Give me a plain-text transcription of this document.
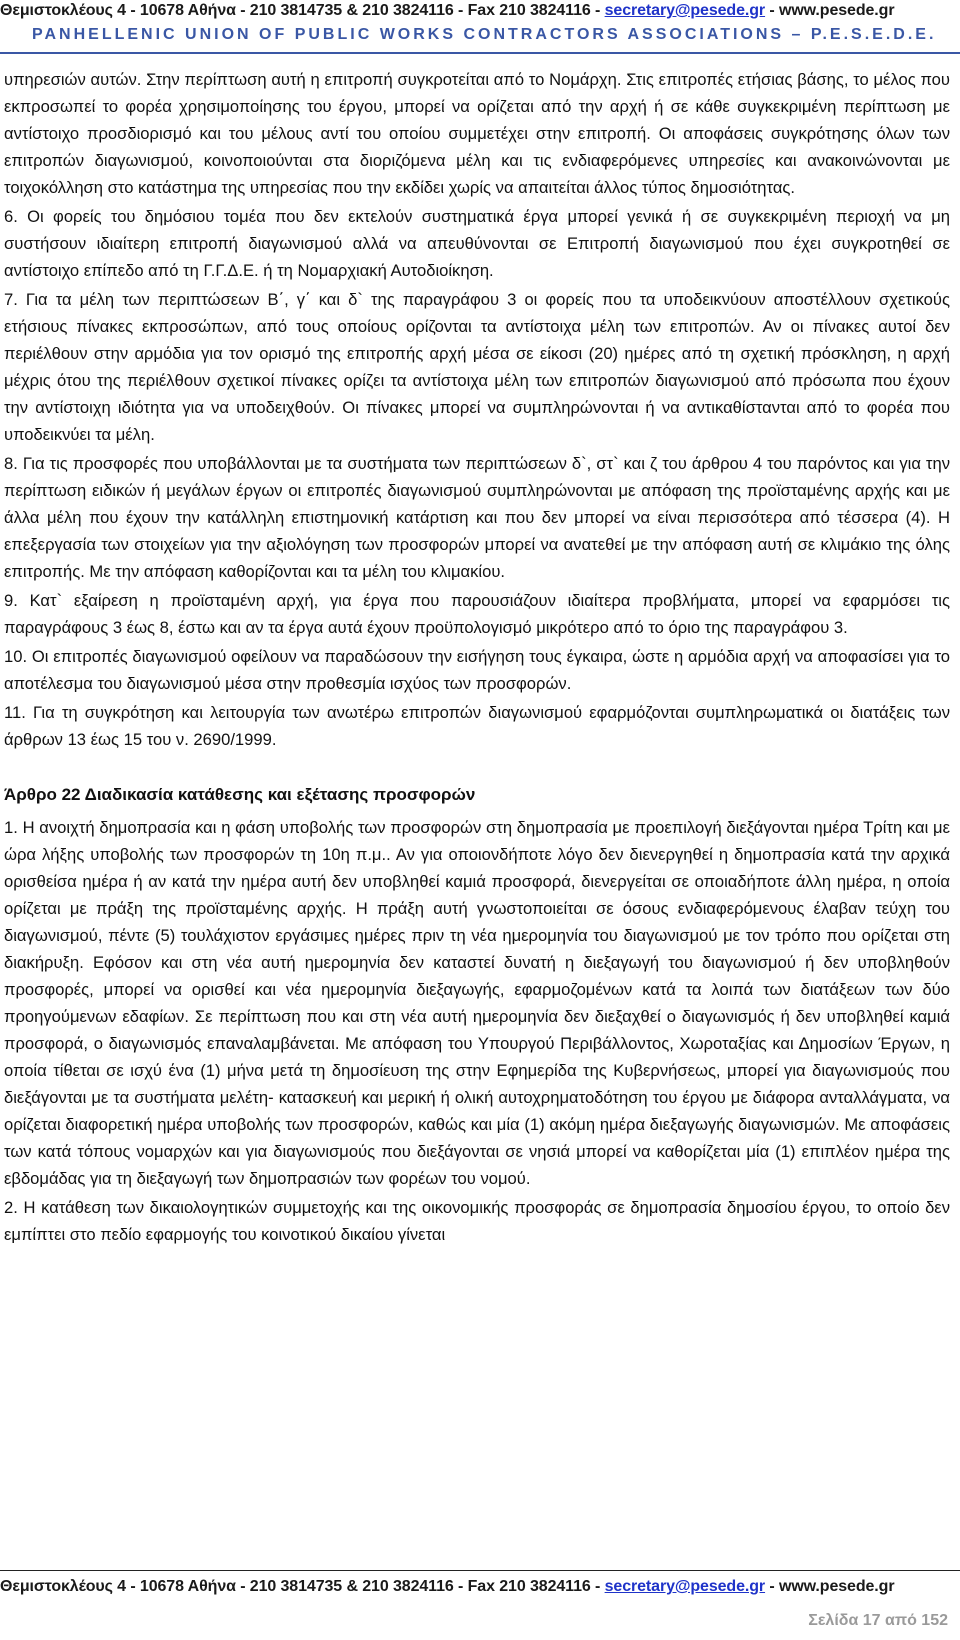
Θεμιστοκλέους 4 - 10678 Αθήνα - 210 3814735 & 210 3824116 - Fax 210 3824116 - secretary@pesede.gr - www.pesede.gr
PANHELLENIC UNION OF PUBLIC WORKS CONTRACTORS ASSOCIATIONS – P.E.S.E.D.E.

υπηρεσιών αυτών. Στην περίπτωση αυτή η επιτροπή συγκροτείται από το Νομάρχη. Στις επιτροπές ετήσιας βάσης, το μέλος που εκπροσωπεί το φορέα χρησιμοποίησης του έργου, μπορεί να ορίζεται από την αρχή ή σε κάθε συγκεκριμένη περίπτωση με αντίστοιχο προσδιορισμό και του μέλους αντί του οποίου συμμετέχει στην επιτροπή. Οι αποφάσεις συγκρότησης όλων των επιτροπών διαγωνισμού, κοινοποιούνται στα διοριζόμενα μέλη και τις ενδιαφερόμενες υπηρεσίες και ανακοινώνονται με τοιχοκόλληση στο κατάστημα της υπηρεσίας που την εκδίδει χωρίς να απαιτείται άλλος τύπος δημοσιότητας.

6. Οι φορείς του δημόσιου τομέα που δεν εκτελούν συστηματικά έργα μπορεί γενικά ή σε συγκεκριμένη περιοχή να μη συστήσουν ιδιαίτερη επιτροπή διαγωνισμού αλλά να απευθύνονται σε Επιτροπή διαγωνισμού που έχει συγκροτηθεί σε αντίστοιχο επίπεδο από τη Γ.Γ.Δ.Ε. ή τη Νομαρχιακή Αυτοδιοίκηση.

7. Για τα μέλη των περιπτώσεων Β΄, γ΄ και δ` της παραγράφου 3 οι φορείς που τα υποδεικνύουν αποστέλλουν σχετικούς ετήσιους πίνακες εκπροσώπων, από τους οποίους ορίζονται τα αντίστοιχα μέλη των επιτροπών. Αν οι πίνακες αυτοί δεν περιέλθουν στην αρμόδια για τον ορισμό της επιτροπής αρχή μέσα σε είκοσι (20) ημέρες από τη σχετική πρόσκληση, η αρχή μέχρις ότου της περιέλθουν σχετικοί πίνακες ορίζει τα αντίστοιχα μέλη των επιτροπών διαγωνισμού από πρόσωπα που έχουν την αντίστοιχη ιδιότητα για να υποδειχθούν. Οι πίνακες μπορεί να συμπληρώνονται ή να αντικαθίστανται από το φορέα που υποδεικνύει τα μέλη.

8. Για τις προσφορές που υποβάλλονται με τα συστήματα των περιπτώσεων δ`, στ` και ζ του άρθρου 4 του παρόντος και για την περίπτωση ειδικών ή μεγάλων έργων οι επιτροπές διαγωνισμού συμπληρώνονται με απόφαση της προϊσταμένης αρχής και με άλλα μέλη που έχουν την κατάλληλη επιστημονική κατάρτιση και που δεν μπορεί να είναι περισσότερα από τέσσερα (4). Η επεξεργασία των στοιχείων για την αξιολόγηση των προσφορών μπορεί να ανατεθεί με την απόφαση αυτή σε κλιμάκιο της όλης επιτροπής. Με την απόφαση καθορίζονται και τα μέλη του κλιμακίου.

9. Κατ` εξαίρεση η προϊσταμένη αρχή, για έργα που παρουσιάζουν ιδιαίτερα προβλήματα, μπορεί να εφαρμόσει τις παραγράφους 3 έως 8, έστω και αν τα έργα αυτά έχουν προϋπολογισμό μικρότερο από το όριο της παραγράφου 3.

10. Οι επιτροπές διαγωνισμού οφείλουν να παραδώσουν την εισήγηση τους έγκαιρα, ώστε η αρμόδια αρχή να αποφασίσει για το αποτέλεσμα του διαγωνισμού μέσα στην προθεσμία ισχύος των προσφορών.

11. Για τη συγκρότηση και λειτουργία των ανωτέρω επιτροπών διαγωνισμού εφαρμόζονται συμπληρωματικά οι διατάξεις των άρθρων 13 έως 15 του ν. 2690/1999.

Άρθρο 22 Διαδικασία κατάθεσης και εξέτασης προσφορών

1. Η ανοιχτή δημοπρασία και η φάση υποβολής των προσφορών στη δημοπρασία με προεπιλογή διεξάγονται ημέρα Τρίτη και με ώρα λήξης υποβολής των προσφορών τη 10η π.μ.. Αν για οποιονδήποτε λόγο δεν διενεργηθεί η δημοπρασία κατά την αρχικά ορισθείσα ημέρα ή αν κατά την ημέρα αυτή δεν υποβληθεί καμιά προσφορά, διενεργείται σε οποιαδήποτε άλλη ημέρα, η οποία ορίζεται με πράξη της προϊσταμένης αρχής. Η πράξη αυτή γνωστοποιείται σε όσους ενδιαφερόμενους έλαβαν τεύχη του διαγωνισμού, πέντε (5) τουλάχιστον εργάσιμες ημέρες πριν τη νέα ημερομηνία του διαγωνισμού με τον τρόπο που ορίζεται στη διακήρυξη. Εφόσον και στη νέα αυτή ημερομηνία δεν καταστεί δυνατή η διεξαγωγή του διαγωνισμού ή δεν υποβληθούν προσφορές, μπορεί να ορισθεί και νέα ημερομηνία διεξαγωγής, εφαρμοζομένων κατά τα λοιπά των διατάξεων των δύο προηγούμενων εδαφίων. Σε περίπτωση που και στη νέα αυτή ημερομηνία δεν διεξαχθεί ο διαγωνισμός ή δεν υποβληθεί καμιά προσφορά, ο διαγωνισμός επαναλαμβάνεται. Με απόφαση του Υπουργού Περιβάλλοντος, Χωροταξίας και Δημοσίων Έργων, η οποία τίθεται σε ισχύ ένα (1) μήνα μετά τη δημοσίευση της στην Εφημερίδα της Κυβερνήσεως, μπορεί για διαγωνισμούς που διεξάγονται με τα συστήματα μελέτη- κατασκευή και μερική ή ολική αυτοχρηματοδότηση του έργου με διάφορα ανταλλάγματα, να ορίζεται διαφορετική ημέρα υποβολής των προσφορών, καθώς και μία (1) ακόμη ημέρα διεξαγωγής διαγωνισμών. Με αποφάσεις των κατά τόπους νομαρχών και για διαγωνισμούς που διεξάγονται σε νησιά μπορεί να καθορίζεται μία (1) επιπλέον ημέρα της εβδομάδας για τη διεξαγωγή των δημοπρασιών των φορέων του νομού.

2. Η κατάθεση των δικαιολογητικών συμμετοχής και της οικονομικής προσφοράς σε δημοπρασία δημοσίου έργου, το οποίο δεν εμπίπτει στο πεδίο εφαρμογής του κοινοτικού δικαίου γίνεται

Θεμιστοκλέους 4 - 10678 Αθήνα - 210 3814735 & 210 3824116 - Fax 210 3824116 - secretary@pesede.gr - www.pesede.gr
Σελίδα 17 από 152
